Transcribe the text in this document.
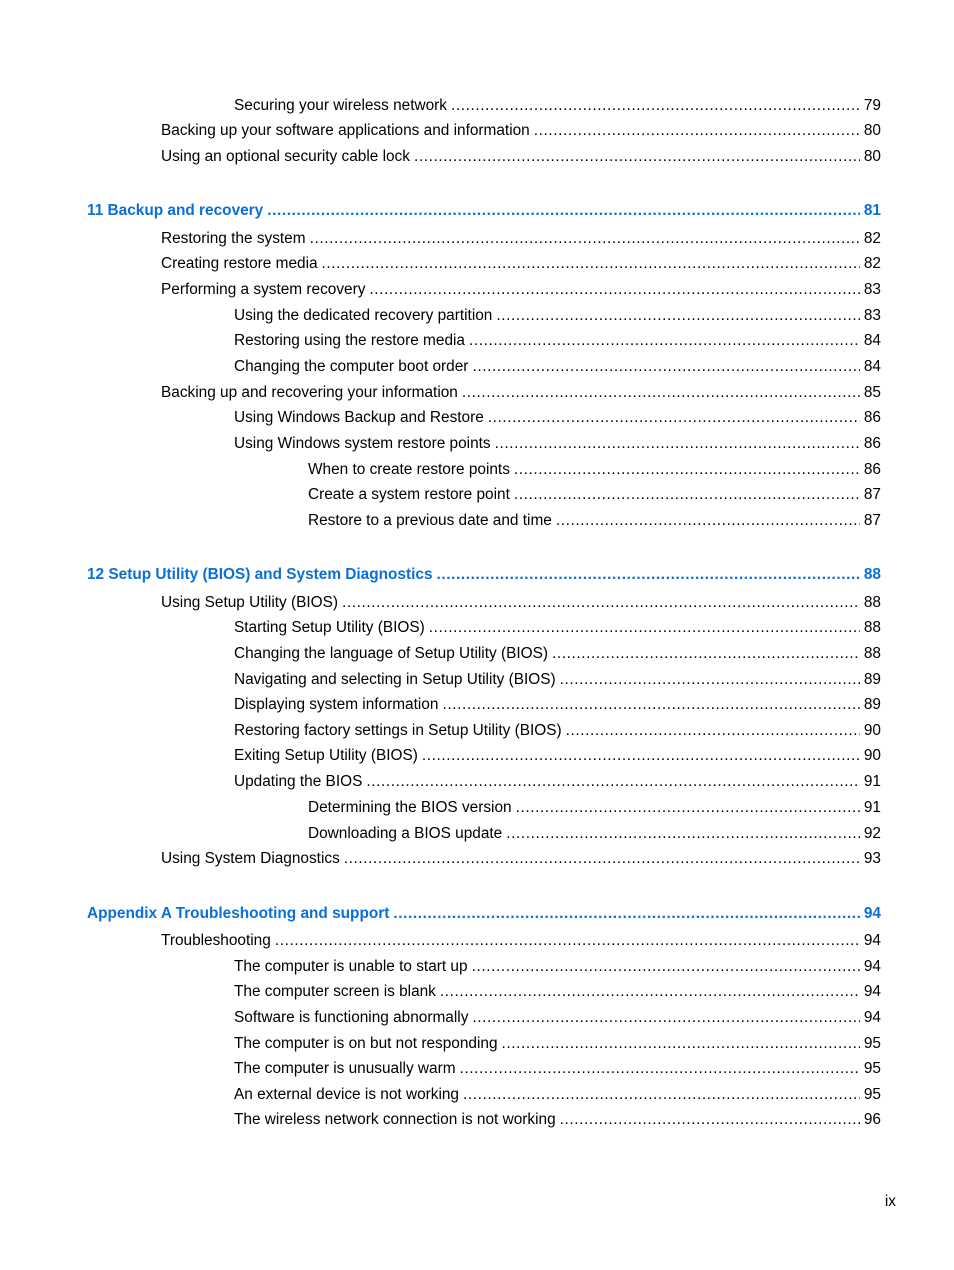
Securing your wireless network .....	79
Backing up your software applications and information .....	80
Using an optional security cable lock .....	80
11 Backup and recovery .....	81
Restoring the system .....	82
Creating restore media .....	82
Performing a system recovery .....	83
Using the dedicated recovery partition .....	83
Restoring using the restore media .....	84
Changing the computer boot order .....	84
Backing up and recovering your information .....	85
Using Windows Backup and Restore .....	86
Using Windows system restore points .....	86
When to create restore points .....	86
Create a system restore point .....	87
Restore to a previous date and time .....	87
12 Setup Utility (BIOS) and System Diagnostics .....	88
Using Setup Utility (BIOS) .....	88
Starting Setup Utility (BIOS) .....	88
Changing the language of Setup Utility (BIOS) .....	88
Navigating and selecting in Setup Utility (BIOS) .....	89
Displaying system information .....	89
Restoring factory settings in Setup Utility (BIOS) .....	90
Exiting Setup Utility (BIOS) .....	90
Updating the BIOS .....	91
Determining the BIOS version .....	91
Downloading a BIOS update .....	92
Using System Diagnostics .....	93
Appendix A Troubleshooting and support .....	94
Troubleshooting .....	94
The computer is unable to start up .....	94
The computer screen is blank .....	94
Software is functioning abnormally .....	94
The computer is on but not responding .....	95
The computer is unusually warm .....	95
An external device is not working .....	95
The wireless network connection is not working .....	96
ix
